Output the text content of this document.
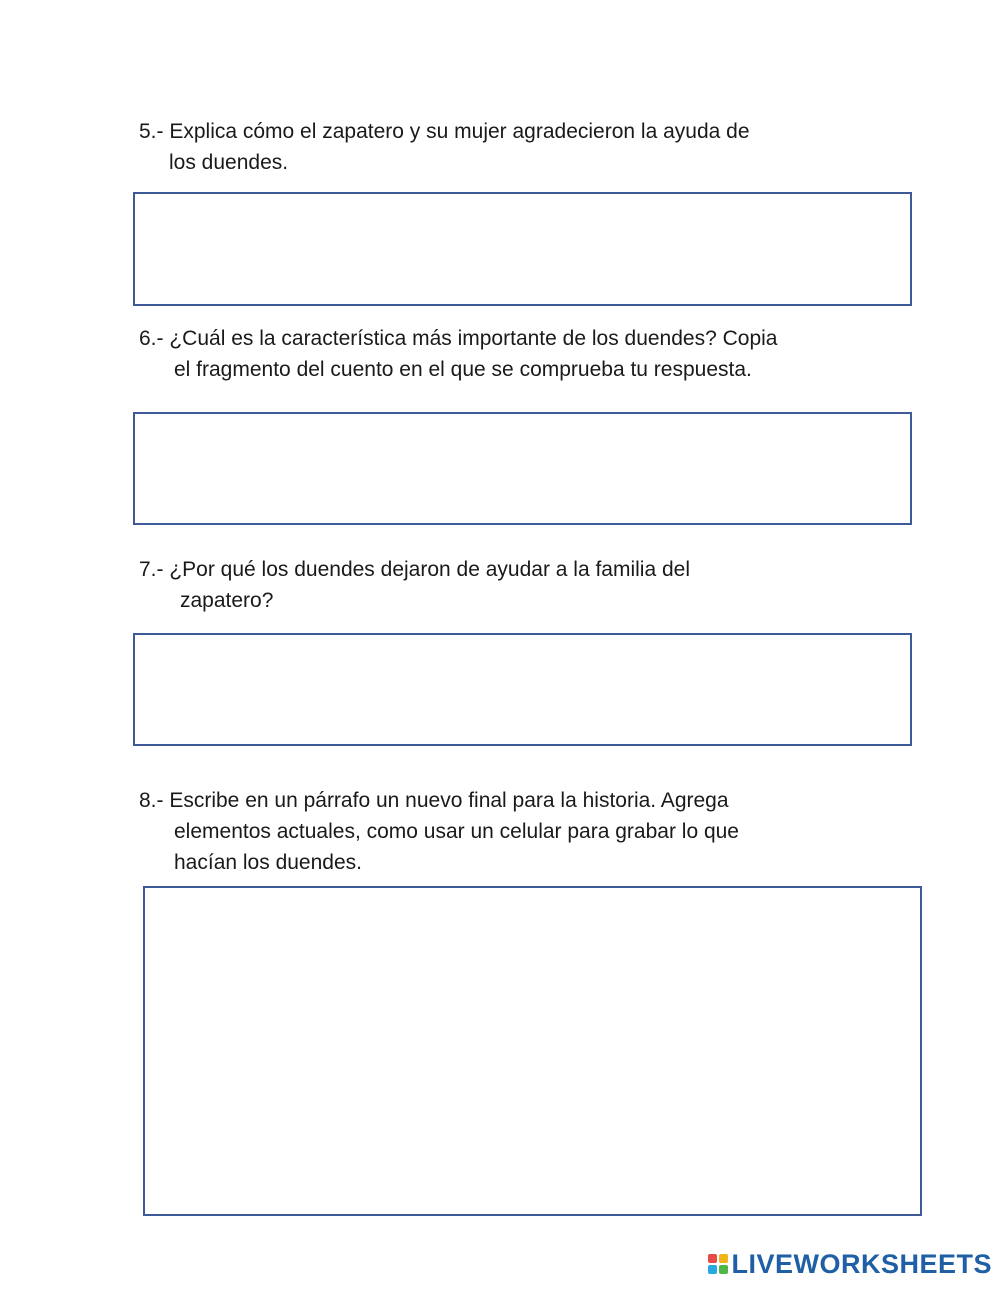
5.- Explica cómo el zapatero y su mujer agradecieron la ayuda de
los duendes.
6.- ¿Cuál es la característica más importante de los duendes? Copia
el fragmento del cuento en el que se comprueba tu respuesta.
7.- ¿Por qué los duendes dejaron de ayudar a la familia del
zapatero?
8.- Escribe en un párrafo un nuevo final para la historia. Agrega
elementos actuales, como usar un celular para grabar lo que
hacían los duendes.
LIVEWORKSHEETS
